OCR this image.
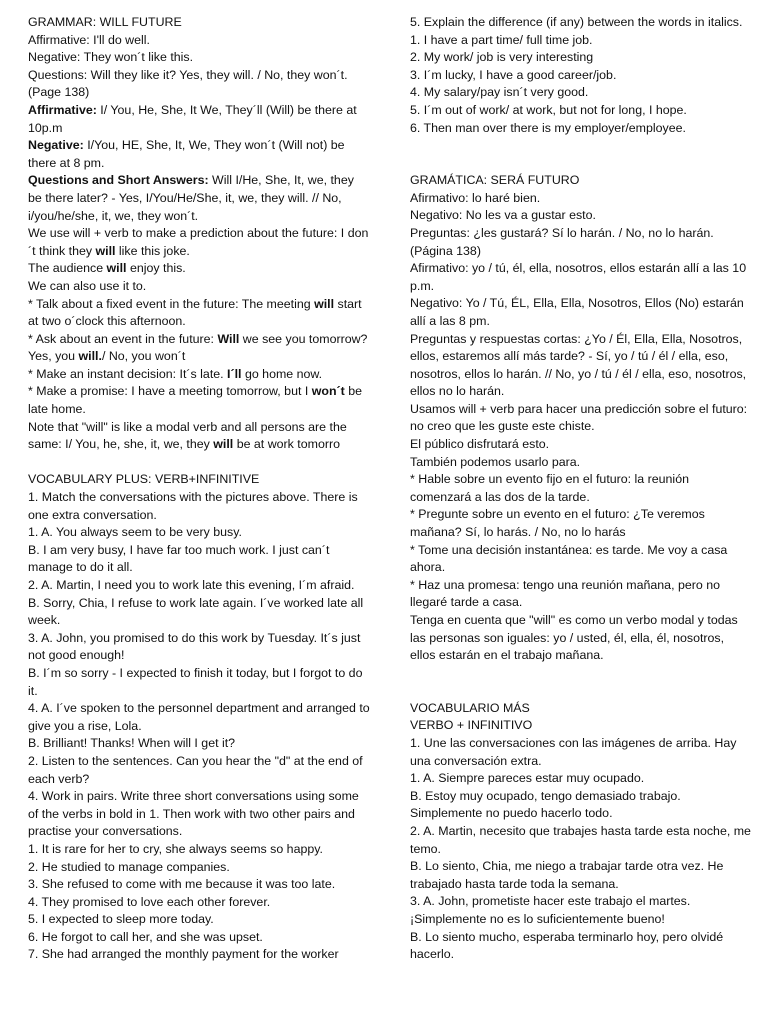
GRAMMAR: WILL FUTURE

Affirmative: I'll do well.

Negative: They won´t like this.

Questions: Will they like it? Yes, they will. / No, they won´t. (Page 138)

Affirmative: I/ You, He, She, It We, They´ll (Will) be there at 10p.m

Negative: I/You, HE, She, It, We, They won´t (Will not) be there at 8 pm.

Questions and Short Answers: Will I/He, She, It, we, they be there later? - Yes, I/You/He/She, it, we, they will. // No, i/you/he/she, it, we, they won´t.

We use will + verb to make a prediction about the future: I don´t think they will like this joke.

The audience will enjoy this.

We can also use it to.

* Talk about a fixed event in the future: The meeting will start at two o´clock this afternoon.

* Ask about an event in the future: Will we see you tomorrow? Yes, you will./ No, you won´t

* Make an instant decision: It´s late. I´ll go home now.

* Make a promise: I have a meeting tomorrow, but I won´t be late home.

Note that "will" is like a modal verb and all persons are the same: I/ You, he, she, it, we, they will be at work tomorro

VOCABULARY PLUS: VERB+INFINITIVE

1. Match the conversations with the pictures above. There is one extra conversation.

1. A. You always seem to be very busy.

B. I am very busy, I have far too much work. I just can´t manage to do it all.

2. A. Martin, I need you to work late this evening, I´m afraid.

B. Sorry, Chia, I refuse to work late again. I´ve worked late all week.

3. A. John, you promised to do this work by Tuesday. It´s just not good enough!

B. I´m so sorry - I expected to finish it today, but I forgot to do it.

4. A. I´ve spoken to the personnel department and arranged to give you a rise, Lola.

B. Brilliant! Thanks! When will I get it?

2. Listen to the sentences. Can you hear the "d" at the end of each verb?

4. Work in pairs. Write three short conversations using some of the verbs in bold in 1. Then work with two other pairs and practise your conversations.

1. It is rare for her to cry, she always seems so happy.

2. He studied to manage companies.

3. She refused to come with me because it was too late.

4. They promised to love each other forever.

5. I expected to sleep more today.

6. He forgot to call her, and she was upset.

7. She had arranged the monthly payment for the worker

5. Explain the difference (if any) between the words in italics.

1. I have a part time/ full time job.

2. My work/ job is very interesting

3. I´m lucky, I have a good career/job.

4. My salary/pay isn´t very good.

5. I´m out of work/ at work, but not for long, I hope.

6. Then man over there is my employer/employee.

GRAMÁTICA: SERÁ FUTURO

Afirmativo: lo haré bien.

Negativo: No les va a gustar esto.

Preguntas: ¿les gustará? Sí lo harán. / No, no lo harán. (Página 138)

Afirmativo: yo / tú, él, ella, nosotros, ellos estarán allí a las 10 p.m.

Negativo: Yo / Tú, ÉL, Ella, Ella, Nosotros, Ellos (No) estarán allí a las 8 pm.

Preguntas y respuestas cortas: ¿Yo / Él, Ella, Ella, Nosotros, ellos, estaremos allí más tarde? - Sí, yo / tú / él / ella, eso, nosotros, ellos lo harán. // No, yo / tú / él / ella, eso, nosotros, ellos no lo harán.

Usamos will + verb para hacer una predicción sobre el futuro: no creo que les guste este chiste.

El público disfrutará esto.

También podemos usarlo para.

* Hable sobre un evento fijo en el futuro: la reunión comenzará a las dos de la tarde.

* Pregunte sobre un evento en el futuro: ¿Te veremos mañana? Sí, lo harás. / No, no lo harás

* Tome una decisión instantánea: es tarde. Me voy a casa ahora.

* Haz una promesa: tengo una reunión mañana, pero no llegaré tarde a casa.

Tenga en cuenta que "will" es como un verbo modal y todas las personas son iguales: yo / usted, él, ella, él, nosotros, ellos estarán en el trabajo mañana.

VOCABULARIO MÁS

VERBO + INFINITIVO

1. Une las conversaciones con las imágenes de arriba. Hay una conversación extra.

1. A. Siempre pareces estar muy ocupado.

B. Estoy muy ocupado, tengo demasiado trabajo. Simplemente no puedo hacerlo todo.

2. A. Martin, necesito que trabajes hasta tarde esta noche, me temo.

B. Lo siento, Chia, me niego a trabajar tarde otra vez. He trabajado hasta tarde toda la semana.

3. A. John, prometiste hacer este trabajo el martes. ¡Simplemente no es lo suficientemente bueno!

B. Lo siento mucho, esperaba terminarlo hoy, pero olvidé hacerlo.
